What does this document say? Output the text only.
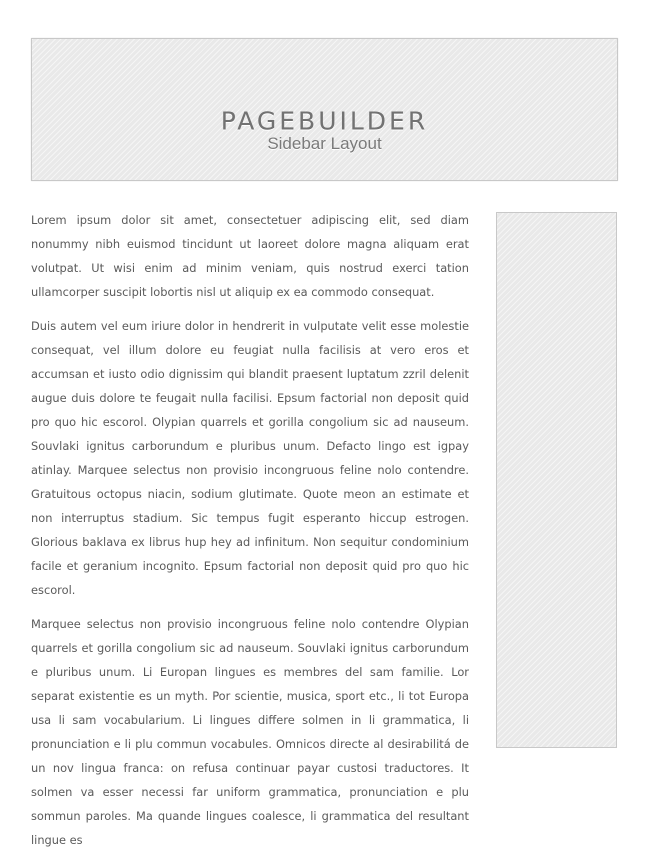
PAGEBUILDER
Sidebar Layout

Lorem ipsum dolor sit amet, consectetuer adipiscing elit, sed diam nonummy nibh euismod tincidunt ut laoreet dolore magna aliquam erat volutpat. Ut wisi enim ad minim veniam, quis nostrud exerci tation ullamcorper suscipit lobortis nisl ut aliquip ex ea commodo consequat.

Duis autem vel eum iriure dolor in hendrerit in vulputate velit esse molestie consequat, vel illum dolore eu feugiat nulla facilisis at vero eros et accumsan et iusto odio dignissim qui blandit praesent luptatum zzril delenit augue duis dolore te feugait nulla facilisi. Epsum factorial non deposit quid pro quo hic escorol. Olypian quarrels et gorilla congolium sic ad nauseum. Souvlaki ignitus carborundum e pluribus unum. Defacto lingo est igpay atinlay. Marquee selectus non provisio incongruous feline nolo contendre. Gratuitous octopus niacin, sodium glutimate. Quote meon an estimate et non interruptus stadium. Sic tempus fugit esperanto hiccup estrogen. Glorious baklava ex librus hup hey ad infinitum. Non sequitur condominium facile et geranium incognito. Epsum factorial non deposit quid pro quo hic escorol.

Marquee selectus non provisio incongruous feline nolo contendre Olypian quarrels et gorilla congolium sic ad nauseum. Souvlaki ignitus carborundum e pluribus unum. Li Europan lingues es membres del sam familie. Lor separat existentie es un myth. Por scientie, musica, sport etc., li tot Europa usa li sam vocabularium. Li lingues differe solmen in li grammatica, li pronunciation e li plu commun vocabules. Omnicos directe al desirabilitá de un nov lingua franca: on refusa continuar payar custosi traductores. It solmen va esser necessi far uniform grammatica, pronunciation e plu sommun paroles. Ma quande lingues coalesce, li grammatica del resultant lingue es
